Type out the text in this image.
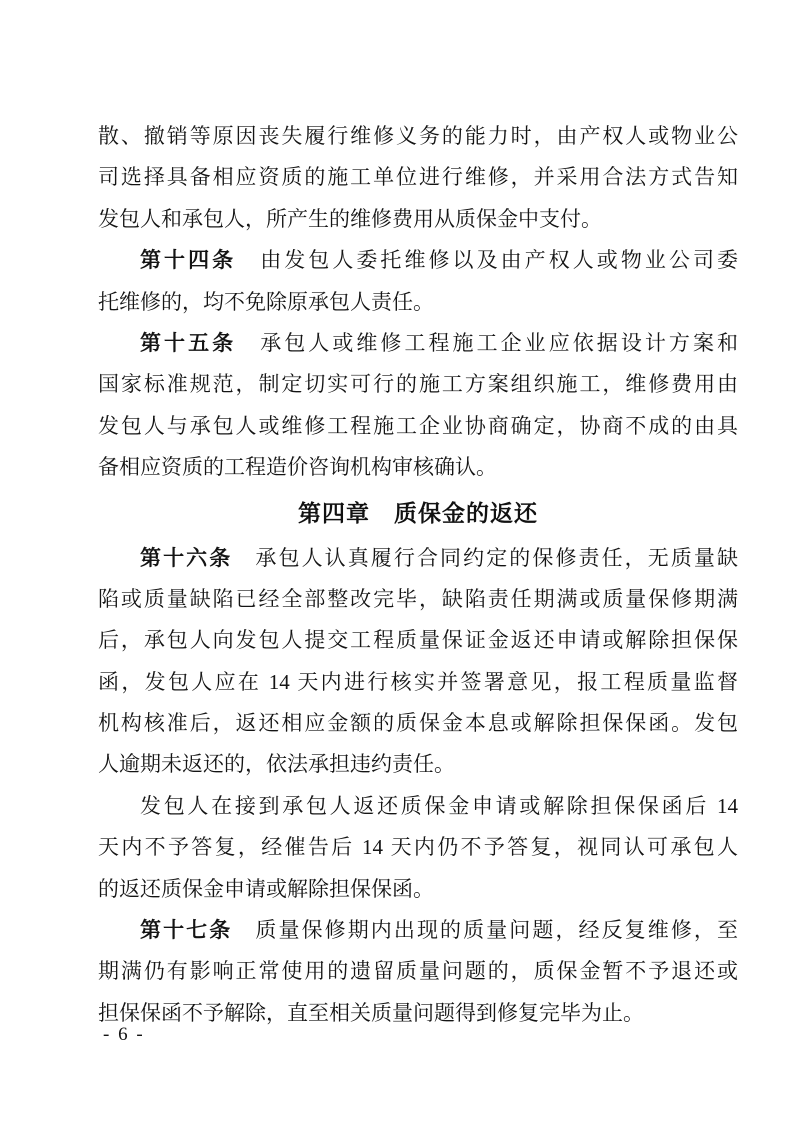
散、撤销等原因丧失履行维修义务的能力时，由产权人或物业公
司选择具备相应资质的施工单位进行维修，并采用合法方式告知
发包人和承包人，所产生的维修费用从质保金中支付。
第十四条　由发包人委托维修以及由产权人或物业公司委
托维修的，均不免除原承包人责任。
第十五条　承包人或维修工程施工企业应依据设计方案和
国家标准规范，制定切实可行的施工方案组织施工，维修费用由
发包人与承包人或维修工程施工企业协商确定，协商不成的由具
备相应资质的工程造价咨询机构审核确认。
第四章　质保金的返还
第十六条　承包人认真履行合同约定的保修责任，无质量缺
陷或质量缺陷已经全部整改完毕，缺陷责任期满或质量保修期满
后，承包人向发包人提交工程质量保证金返还申请或解除担保保
函，发包人应在 14 天内进行核实并签署意见，报工程质量监督
机构核准后，返还相应金额的质保金本息或解除担保保函。发包
人逾期未返还的，依法承担违约责任。
发包人在接到承包人返还质保金申请或解除担保保函后 14
天内不予答复，经催告后 14 天内仍不予答复，视同认可承包人
的返还质保金申请或解除担保保函。
第十七条　质量保修期内出现的质量问题，经反复维修，至
期满仍有影响正常使用的遗留质量问题的，质保金暂不予退还或
担保保函不予解除，直至相关质量问题得到修复完毕为止。
- 6 -
